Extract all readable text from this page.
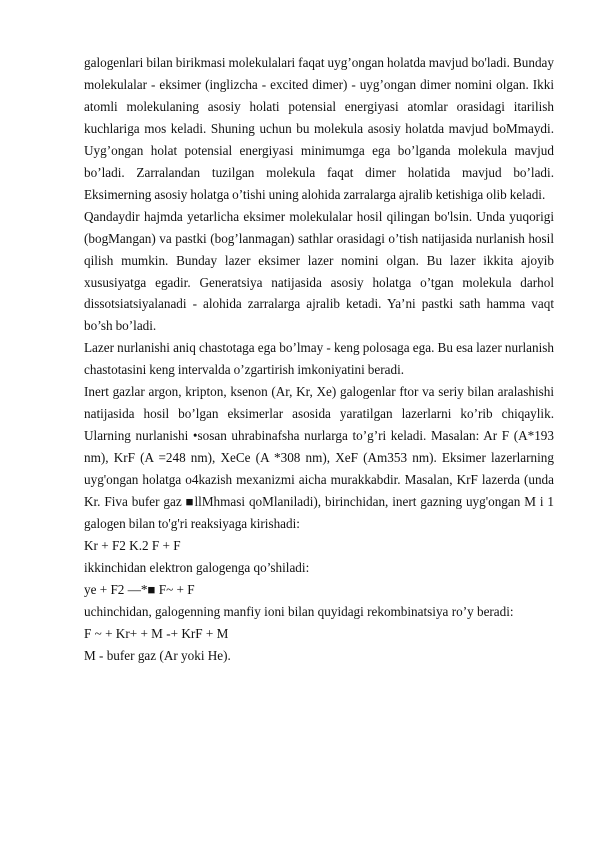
galogenlari bilan birikmasi molekulalari faqat uyg’ongan holatda mavjud bo'ladi. Bunday molekulalar - eksimer (inglizcha - excited dimer) - uyg’ongan dimer nomini olgan. Ikki atomli molekulaning asosiy holati potensial energiyasi atomlar orasidagi itarilish kuchlariga mos keladi. Shuning uchun bu molekula asosiy holatda mavjud boMmaydi. Uyg’ongan holat potensial energiyasi minimumga ega bo’lganda molekula mavjud bo’ladi. Zarralandan tuzilgan molekula faqat dimer holatida mavjud bo’ladi. Eksimerning asosiy holatga o’tishi uning alohida zarralarga ajralib ketishiga olib keladi.

Qandaydir hajmda yetarlicha eksimer molekulalar hosil qilingan bo'lsin. Unda yuqorigi (bogMangan) va pastki (bog’lanmagan) sathlar orasidagi o’tish natijasida nurlanish hosil qilish mumkin. Bunday lazer eksimer lazer nomini olgan. Bu lazer ikkita ajoyib xususiyatga egadir. Generatsiya natijasida asosiy holatga o’tgan molekula darhol dissotsiatsiyalanadi - alohida zarralarga ajralib ketadi. Ya’ni pastki sath hamma vaqt bo’sh bo’ladi.

Lazer nurlanishi aniq chastotaga ega bo’lmay - keng polosaga ega. Bu esa lazer nurlanish chastotasini keng intervalda o’zgartirish imkoniyatini beradi.

Inert gazlar argon, kripton, ksenon (Ar, Kr, Xe) galogenlar ftor va seriy bilan aralashishi natijasida hosil bo’lgan eksimerlar asosida yaratilgan lazerlarni ko’rib chiqaylik. Ularning nurlanishi •sosan uhrabinafsha nurlarga to’g’ri keladi. Masalan: Ar F (A*193 nm), KrF (A =248 nm), XeCe (A *308 nm), XeF (Am353 nm). Eksimer lazerlarning uyg'ongan holatga o4kazish mexanizmi aicha murakkabdir. Masalan, KrF lazerda (unda Kr. Fiva bufer gaz ■llMhmasi qoMlaniladi), birinchidan, inert gazning uyg'ongan M i 1 galogen bilan to'g'ri reaksiyaga kirishadi:

Kr + F2 K.2 F + F

ikkinchidan elektron galogenga qo’shiladi:

ye + F2 —*■ F~ + F

uchinchidan, galogenning manfiy ioni bilan quyidagi rekombinatsiya ro’y beradi:

F ~ + Kr+ + M -+ KrF + M

M - bufer gaz (Ar yoki He).
